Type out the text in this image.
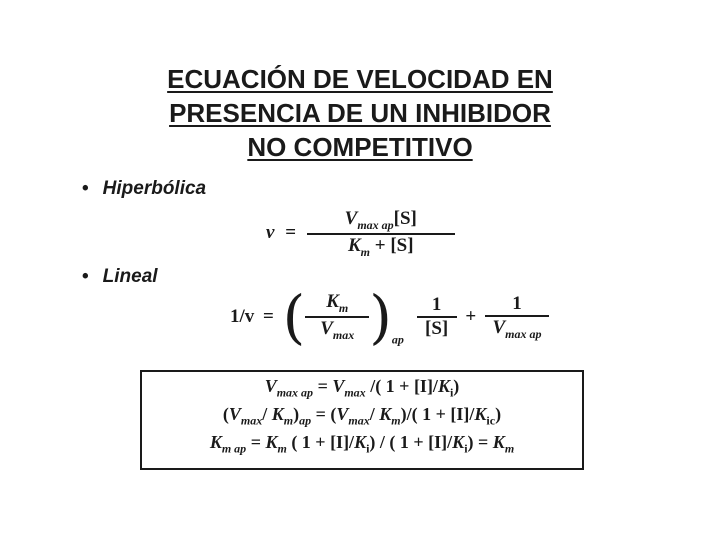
ECUACIÓN DE VELOCIDAD EN
PRESENCIA DE UN INHIBIDOR
NO COMPETITIVO
• Hiperbólica
$v = \frac{V_{max ap}[S]}{K_m + [S]}$
• Lineal
1/v = ( $\frac{K_m}{V_{max}} )_{ap} \frac{1}{[S]} + \frac{1}{V_{max ap}}$
$V_{max ap} = V_{max}$ /( $1 + [I]/K_i$)
($V_{max}/$ $K_m)_{ap} = (V_{max}/$ $K_m)/$( $1 + [I]/K_{ic}$)
$K_{m ap} = K_m$ ( $1 + [I]/K_i$) / ( $1 + [I]/K_i) = K_m$
